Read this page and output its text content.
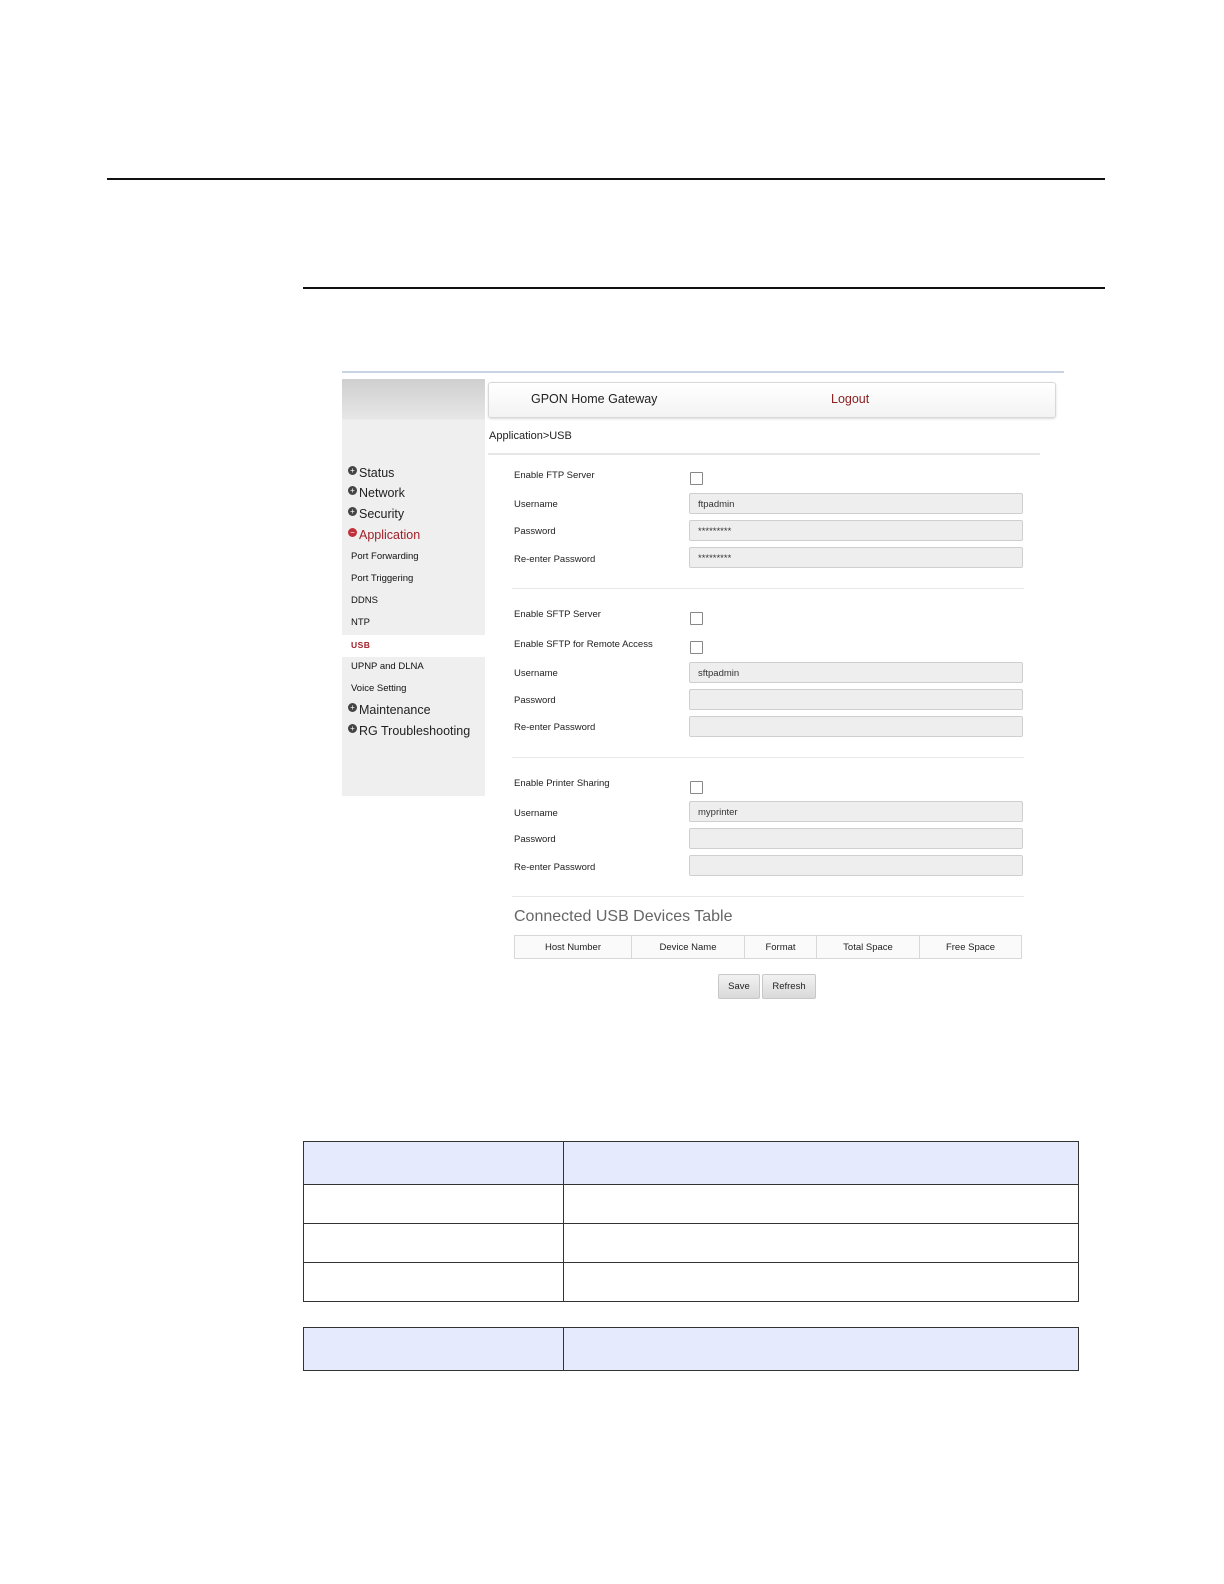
+ Status
+ Network
+ Security
− Application
Port Forwarding
Port Triggering
DDNS
NTP
USB
UPNP and DLNA
Voice Setting
+ Maintenance
+ RG Troubleshooting
GPON Home Gateway	Logout
Application>USB
Enable FTP Server
Username	ftpadmin
Password	*********
Re-enter Password	*********
Enable SFTP Server
Enable SFTP for Remote Access
Username	sftpadmin
Password
Re-enter Password
Enable Printer Sharing
Username	myprinter
Password
Re-enter Password
Connected USB Devices Table
Host Number	Device Name	Format	Total Space	Free Space
Save	Refresh
